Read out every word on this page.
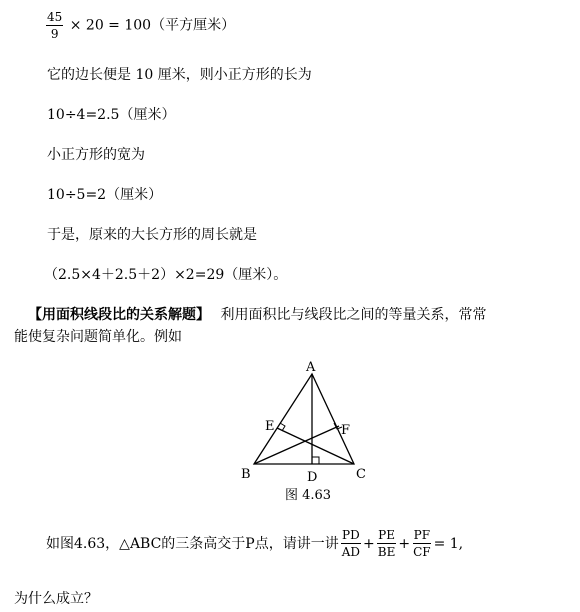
$\frac{45}{9} \times 20 = 100$（平方厘米）
它的边长便是 10 厘米，则小正方形的长为
10÷4=2.5（厘米）
小正方形的宽为
10÷5=2（厘米）
于是，原来的大长方形的周长就是
（2.5×4＋2.5＋2）×2=29（厘米）。
【用面积线段比的关系解题】 利用面积比与线段比之间的等量关系，常常
能使复杂问题简单化。例如
A
B	C
D
E	F
图 4.63
如图4.63，△ABC的三条高交于P点，请讲一讲 $\frac{PD}{AD} + \frac{PE}{BE} + \frac{PF}{CF} = 1$,
为什么成立？
